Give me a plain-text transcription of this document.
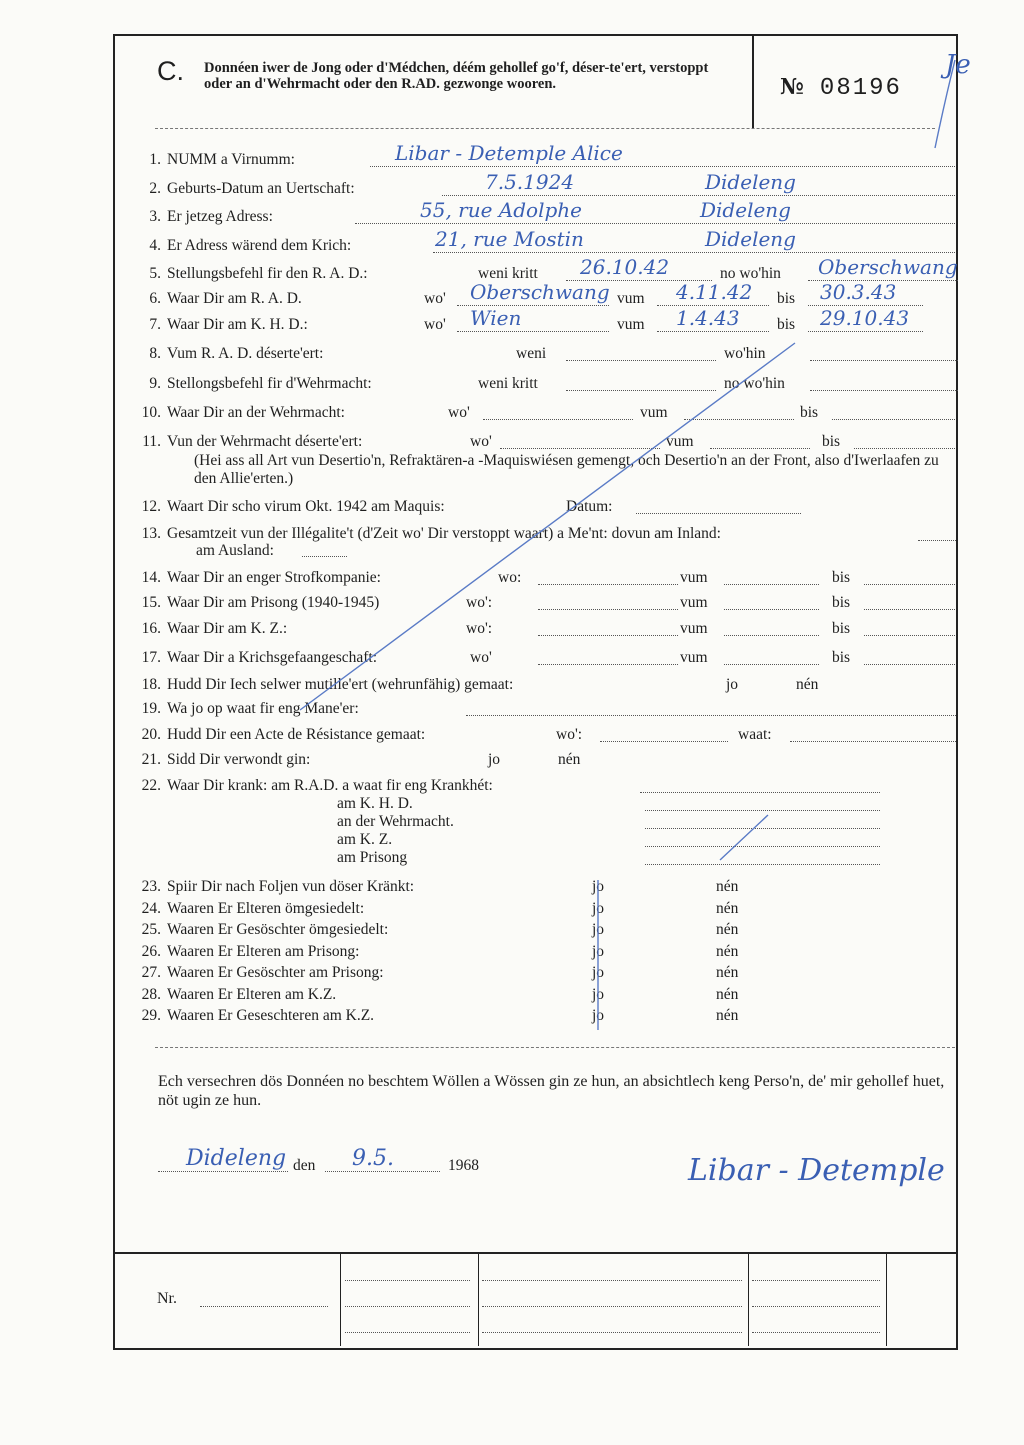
C. Donnéen iwer de Jong oder d'Médchen, déém gehollef go'f, déser-te'ert, verstoppt oder an d'Wehrmacht oder den R.AD. gezwonge wooren.	№ 08196
Je
1. NUMM a Virnumm:	Libar - Detemple Alice
2. Geburts-Datum an Uertschaft:	7.5.1924	Dideleng
3. Er jetzeg Adress:	55, rue Adolphe	Dideleng
4. Er Adress wärend dem Krich:	21, rue Mostin	Dideleng
5. Stellungsbefehl fir den R. A. D.:	weni kritt 26.10.42	no wo'hin Oberschwang
6. Waar Dir am R. A. D.	wo' Oberschwang vum 4.11.42 bis 30.3.43
7. Waar Dir am K. H. D.:	wo' Wien	vum 1.4.43 bis 29.10.43
8. Vum R. A. D. déserte'ert:	weni	wo'hin
9. Stellongsbefehl fir d'Wehrmacht:	weni kritt	no wo'hin
10. Waar Dir an der Wehrmacht:	wo'	vum	bis
11. Vun der Wehrmacht déserte'ert:	wo'	vum	bis
12. Waart Dir scho virum Okt. 1942 am Maquis:	Datum:
13. Gesamtzeit vun der Illégalite't (d'Zeit wo' Dir verstoppt waart) a Me'nt: dovun am Inland:
14. Waar Dir an enger Strofkompanie:	wo:	vum	bis
15. Waar Dir am Prisong (1940-1945)	wo':	vum	bis
16. Waar Dir am K. Z.:	wo':	vum	bis
17. Waar Dir a Krichsgefaangeschaft:	wo'	vum	bis
18. Hudd Dir Iech selwer mutille'ert (wehrunfähig) gemaat:	jo	nén
19. Wa jo op waat fir eng Mane'er:
20. Hudd Dir een Acte de Résistance gemaat:	wo':	waat:
21. Sidd Dir verwondt gin:	jo	nén
22. Waar Dir krank: am R.A.D. a waat fir eng Krankhét:
23. Spiir Dir nach Foljen vun döser Kränkt:	jo	nén
24. Waaren Er Elteren ömgesiedelt:	jo	nén
25. Waaren Er Gesöschter ömgesiedelt:	jo	nén
26. Waaren Er Elteren am Prisong:	jo	nén
27. Waaren Er Gesöschter am Prisong:	jo	nén
28. Waaren Er Elteren am K.Z.	jo	nén
29. Waaren Er Geseschteren am K.Z.	jo	nén
(Hei ass all Art vun Desertio'n, Refraktären-a -Maquiswiésen gemengt, och Desertio'n an der Front, also d'Iwerlaafen zu den Allie'erten.)
am Ausland:
am K. H. D.
an der Wehrmacht.
am K. Z.
am Prisong
Ech versechren dös Donnéen no beschtem Wöllen a Wössen gin ze hun, an absichtlech keng Perso'n, de' mir gehollef huet, nöt ugin ze hun.
Dideleng den 9.5.	1968	Libar - Detemple
Nr.
